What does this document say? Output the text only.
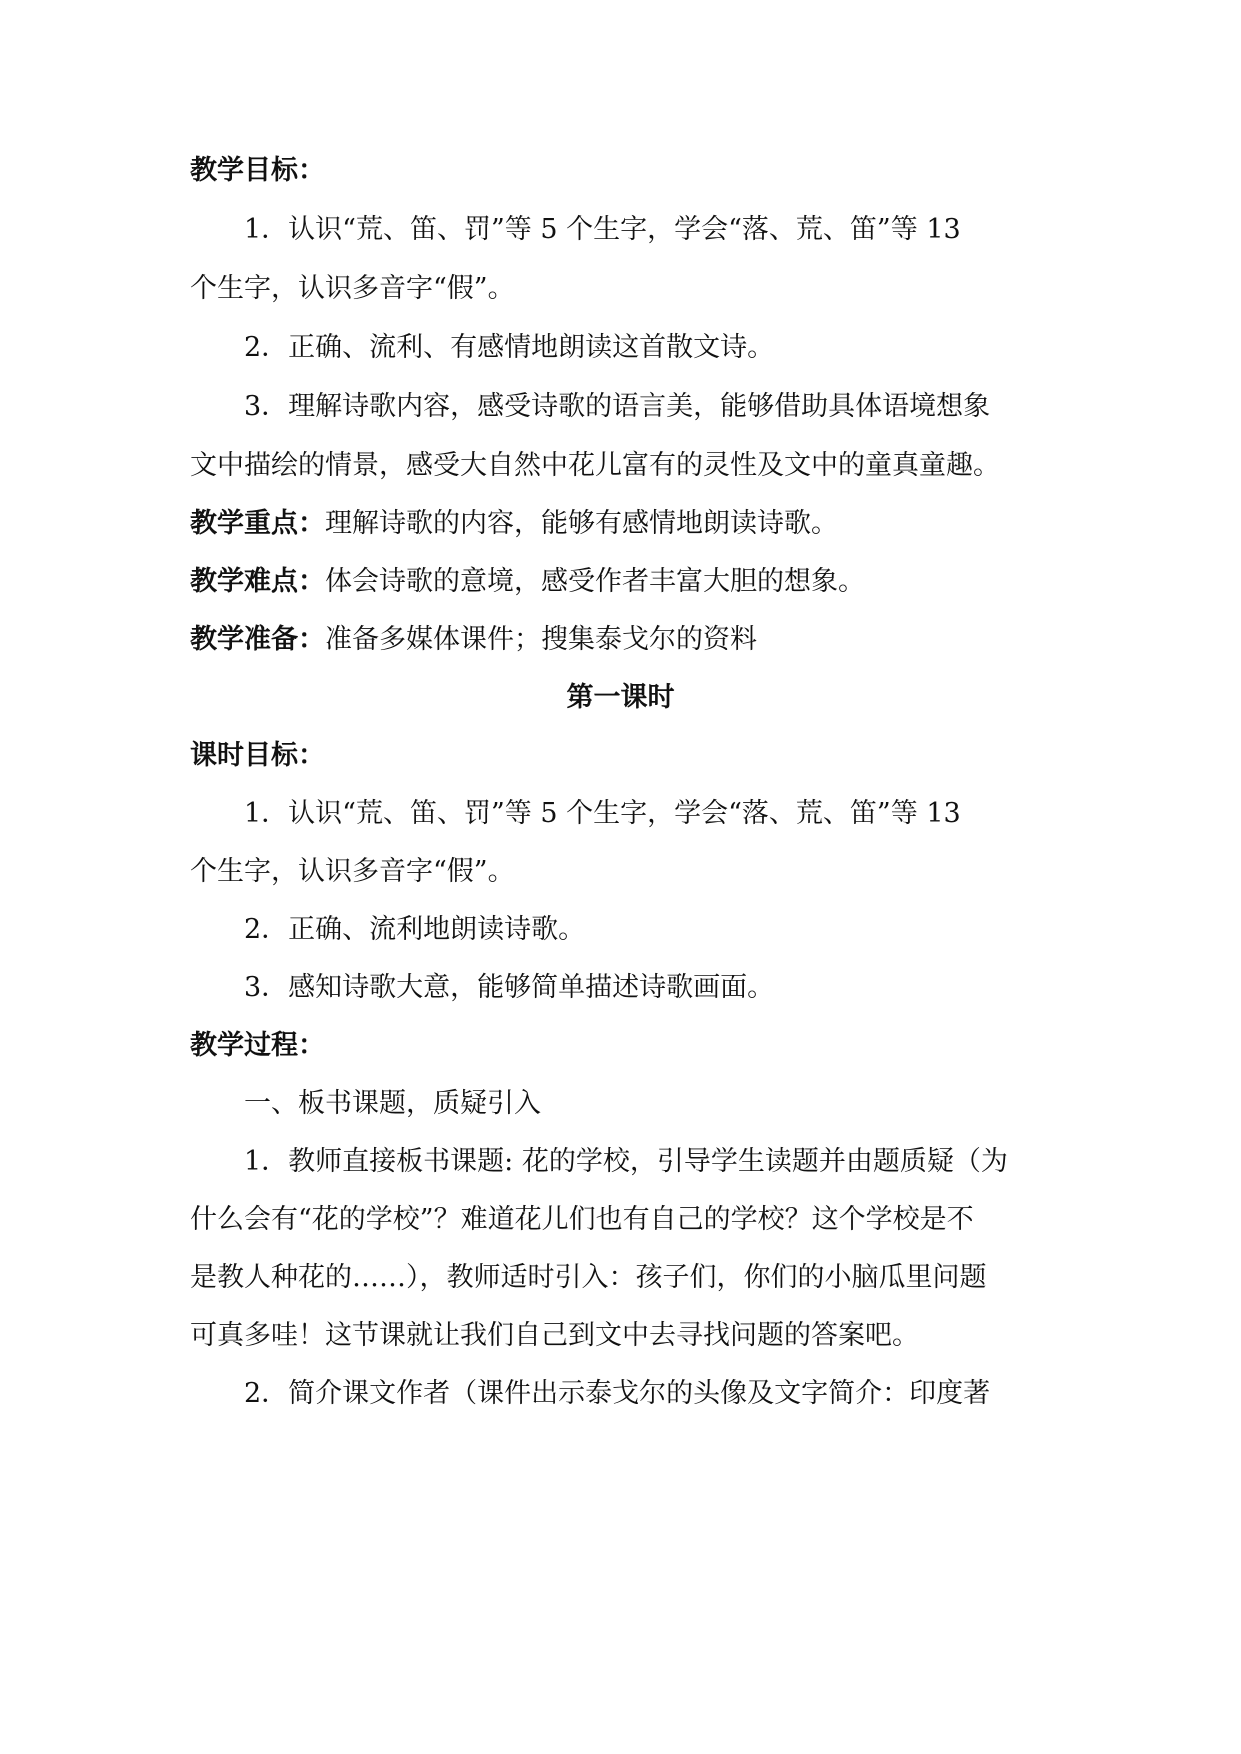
教学目标：
1．认识“荒、笛、罚”等 5 个生字，学会“落、荒、笛”等 13
个生字，认识多音字“假”。
2．正确、流利、有感情地朗读这首散文诗。
3．理解诗歌内容，感受诗歌的语言美，能够借助具体语境想象
文中描绘的情景，感受大自然中花儿富有的灵性及文中的童真童趣。
教学重点：理解诗歌的内容，能够有感情地朗读诗歌。
教学难点：体会诗歌的意境，感受作者丰富大胆的想象。
教学准备：准备多媒体课件；搜集泰戈尔的资料
第一课时
课时目标：
1．认识“荒、笛、罚”等 5 个生字，学会“落、荒、笛”等 13
个生字，认识多音字“假”。
2．正确、流利地朗读诗歌。
3．感知诗歌大意，能够简单描述诗歌画面。
教学过程：
一、板书课题，质疑引入
1．教师直接板书课题: 花的学校，引导学生读题并由题质疑（为
什么会有“花的学校”？难道花儿们也有自己的学校？这个学校是不
是教人种花的……），教师适时引入：孩子们，你们的小脑瓜里问题
可真多哇！这节课就让我们自己到文中去寻找问题的答案吧。
2．简介课文作者（课件出示泰戈尔的头像及文字简介：印度著
